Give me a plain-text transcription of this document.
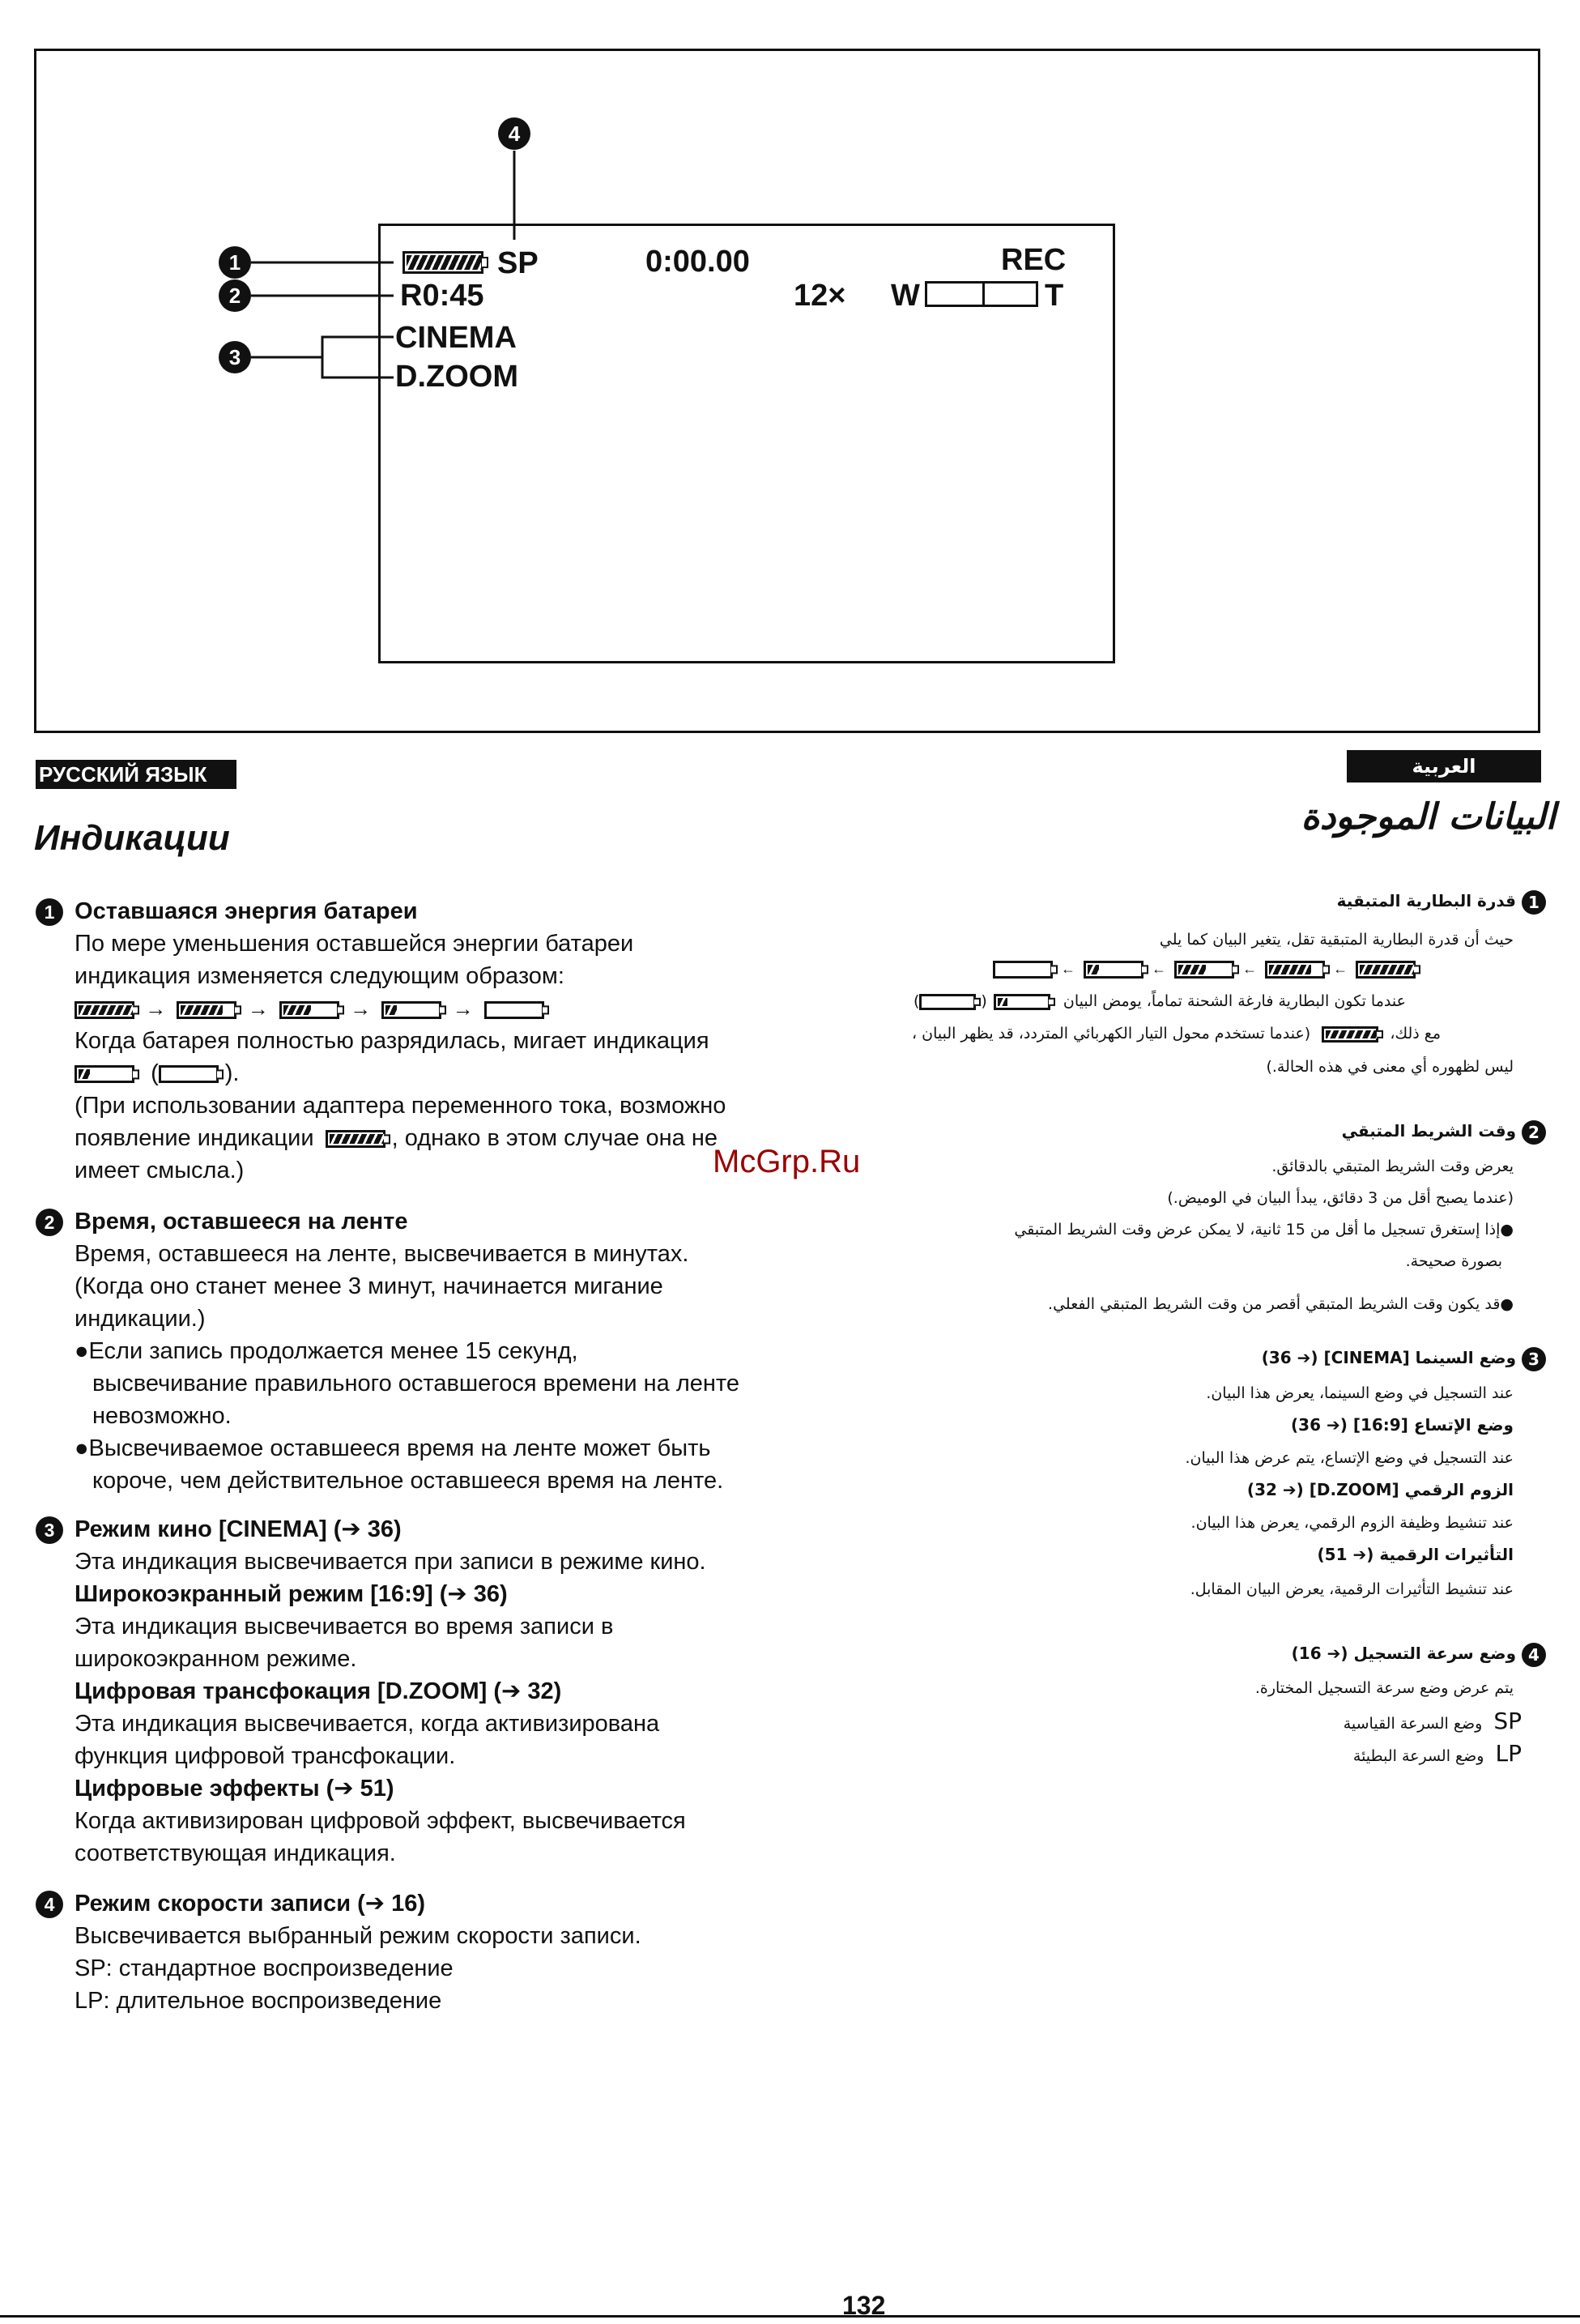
4
1
2
3
SP	0:00.00	REC
R0:45	12× W	T
CINEMA
D.ZOOM
РУССКИЙ ЯЗЫК	العربية
Индикации
البيانات الموجودة
McGrp.Ru
1 Оставшаяся энергия батареи
По мере уменьшения оставшейся энергии батареи
индикация изменяется следующим образом:
→	→	→	→
Когда батарея полностью разрядилась, мигает индикация
(	).
(При использовании адаптера переменного тока, возможно
появление индикации	, однако в этом случае она не
имеет смысла.)
2 Время, оставшееся на ленте
Время, оставшееся на ленте, высвечивается в минутах.
(Когда оно станет менее 3 минут, начинается мигание
индикации.)
●Если запись продолжается менее 15 секунд,
высвечивание правильного оставшегося времени на ленте
невозможно.
●Высвечиваемое оставшееся время на ленте может быть
короче, чем действительное оставшееся время на ленте.
3 Режим кино [CINEMA] (➔ 36)
Эта индикация высвечивается при записи в режиме кино.
Широкоэкранный режим [16:9] (➔ 36)
Эта индикация высвечивается во время записи в
широкоэкранном режиме.
Цифровая трансфокация [D.ZOOM] (➔ 32)
Эта индикация высвечивается, когда активизирована
функция цифровой трансфокации.
Цифровые эффекты (➔ 51)
Когда активизирован цифровой эффект, высвечивается
соответствующая индикация.
4 Режим скорости записи (➔ 16)
Высвечивается выбранный режим скорости записи.
SP: стандартное воспроизведение
LP: длительное воспроизведение
1 قدرة البطارية المتبقية
حيث أن قدرة البطارية المتبقية تقل، يتغير البيان كما يلي
←	←	←	←
(	)	عندما تكون البطارية فارغة الشحنة تماماً، يومض البيان
، مع ذلك،
(عندما تستخدم محول التيار الكهربائي المتردد، قد يظهر البيان
ليس لظهوره أي معنى في هذه الحالة.)
2 وقت الشريط المتبقي
يعرض وقت الشريط المتبقي بالدقائق.
(عندما يصبح أقل من 3 دقائق، يبدأ البيان في الوميض.)
●إذا إستغرق تسجيل ما أقل من 15 ثانية، لا يمكن عرض وقت الشريط المتبقي
بصورة صحيحة.
●قد يكون وقت الشريط المتبقي أقصر من وقت الشريط المتبقي الفعلي.
3 وضع السينما [CINEMA] (➔ 36)
عند التسجيل في وضع السينما، يعرض هذا البيان.
وضع الإتساع [16:9] (➔ 36)
عند التسجيل في وضع الإتساع، يتم عرض هذا البيان.
الزوم الرقمي [D.ZOOM] (➔ 32)
عند تنشيط وظيفة الزوم الرقمي، يعرض هذا البيان.
التأثيرات الرقمية (➔ 51)
عند تنشيط التأثيرات الرقمية، يعرض البيان المقابل.
4 وضع سرعة التسجيل (➔ 16)
يتم عرض وضع سرعة التسجيل المختارة.
وضع السرعة القياسية SP
وضع السرعة البطيئة LP
132
